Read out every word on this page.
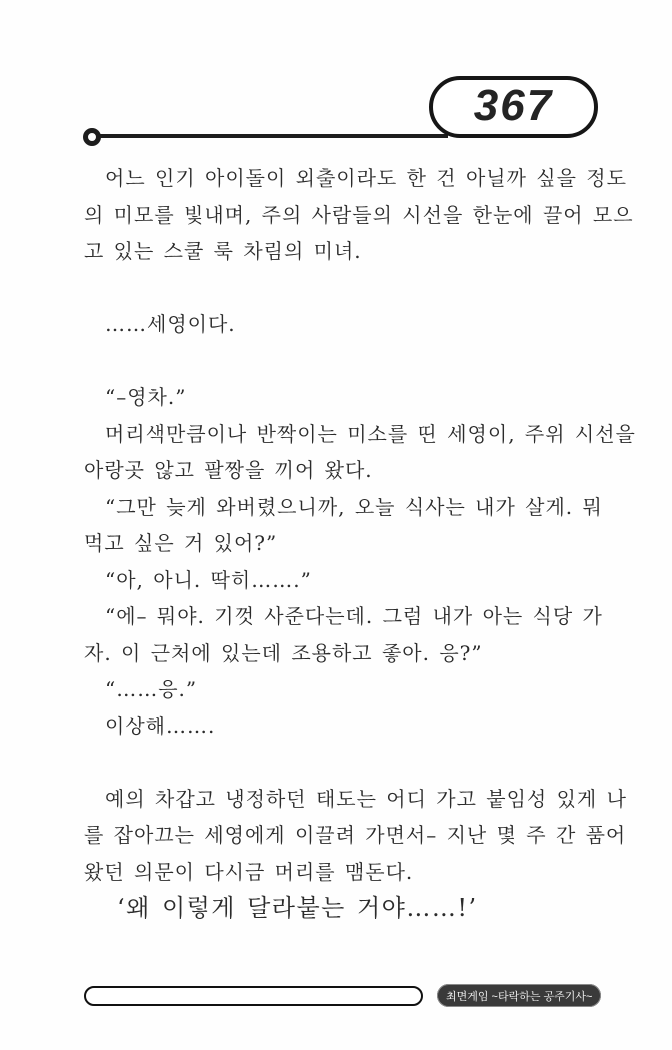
367
어느 인기 아이돌이 외출이라도 한 건 아닐까 싶을 정도
의 미모를 빛내며, 주의 사람들의 시선을 한눈에 끌어 모으
고 있는 스쿨 룩 차림의 미녀.

……세영이다.

“–영차.”
머리색만큼이나 반짝이는 미소를 띤 세영이, 주위 시선을
아랑곳 않고 팔짱을 끼어 왔다.
“그만 늦게 와버렸으니까, 오늘 식사는 내가 살게. 뭐
먹고 싶은 거 있어?”
“아, 아니. 딱히…….”
“에– 뭐야. 기껏 사준다는데. 그럼 내가 아는 식당 가
자. 이 근처에 있는데 조용하고 좋아. 응?”
“……응.”
이상해…….

예의 차갑고 냉정하던 태도는 어디 가고 붙임성 있게 나
를 잡아끄는 세영에게 이끌려 가면서– 지난 몇 주 간 품어
왔던 의문이 다시금 머리를 맴돈다.
‘왜 이렇게 달라붙는 거야……!’
최면게임 ~타락하는 공주기사~
